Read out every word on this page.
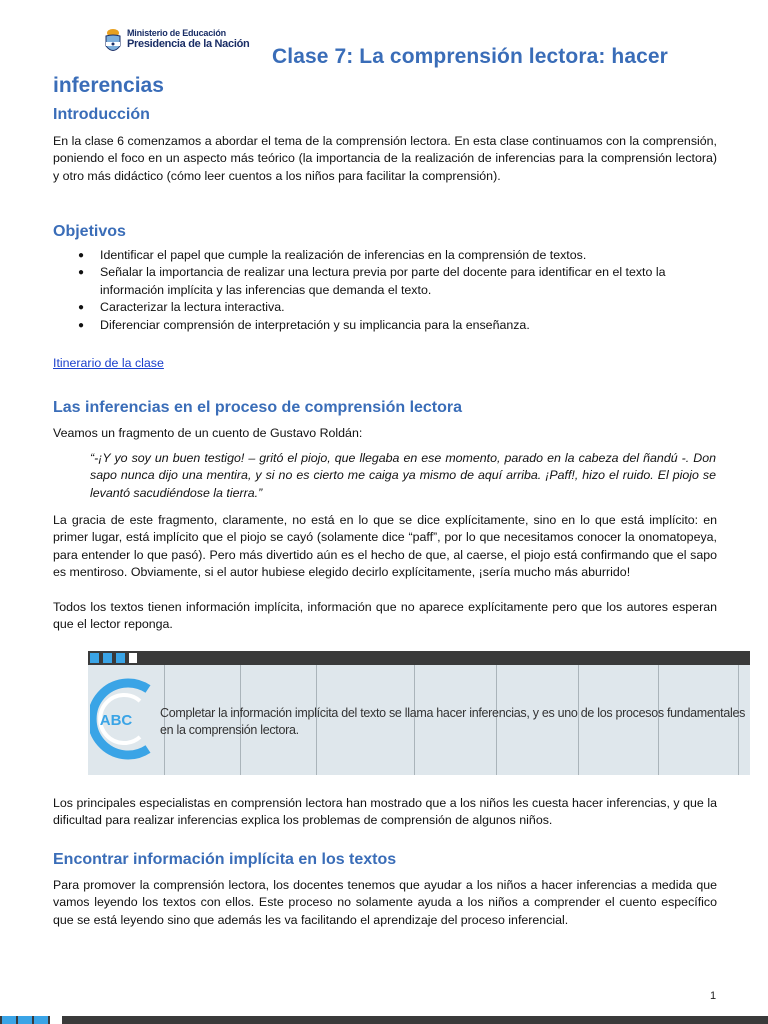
Ministerio de Educación
Presidencia de la Nación
Clase 7: La comprensión lectora: hacer
inferencias
Introducción
En la clase 6 comenzamos a abordar el tema de la comprensión lectora. En esta clase continuamos con la comprensión, poniendo el foco en un aspecto más teórico (la importancia de la realización de inferencias para la comprensión lectora) y otro más didáctico (cómo leer cuentos a los niños para facilitar la comprensión).
Objetivos
● Identificar el papel que cumple la realización de inferencias en la comprensión de textos.
● Señalar la importancia de realizar una lectura previa por parte del docente para identificar en el texto la información implícita y las inferencias que demanda el texto.
● Caracterizar la lectura interactiva.
● Diferenciar comprensión de interpretación y su implicancia para la enseñanza.
Itinerario de la clase
Las inferencias en el proceso de comprensión lectora
Veamos un fragmento de un cuento de Gustavo Roldán:
“-¡Y yo soy un buen testigo! – gritó el piojo, que llegaba en ese momento, parado en la cabeza del ñandú -. Don sapo nunca dijo una mentira, y si no es cierto me caiga ya mismo de aquí arriba. ¡Paff!, hizo el ruido. El piojo se levantó sacudiéndose la tierra.”
La gracia de este fragmento, claramente, no está en lo que se dice explícitamente, sino en lo que está implícito: en primer lugar, está implícito que el piojo se cayó (solamente dice “paff”, por lo que necesitamos conocer la onomatopeya, para entender lo que pasó). Pero más divertido aún es el hecho de que, al caerse, el piojo está confirmando que el sapo es mentiroso. Obviamente, si el autor hubiese elegido decirlo explícitamente, ¡sería mucho más aburrido!
Todos los textos tienen información implícita, información que no aparece explícitamente pero que los autores esperan que el lector reponga.
ABC Completar la información implícita del texto se llama hacer inferencias, y es uno de los procesos fundamentales en la comprensión lectora.
Los principales especialistas en comprensión lectora han mostrado que a los niños les cuesta hacer inferencias, y que la dificultad para realizar inferencias explica los problemas de comprensión de algunos niños.
Encontrar información implícita en los textos
Para promover la comprensión lectora, los docentes tenemos que ayudar a los niños a hacer inferencias a medida que vamos leyendo los textos con ellos. Este proceso no solamente ayuda a los niños a comprender el cuento específico que se está leyendo sino que además les va facilitando el aprendizaje del proceso inferencial.
1
